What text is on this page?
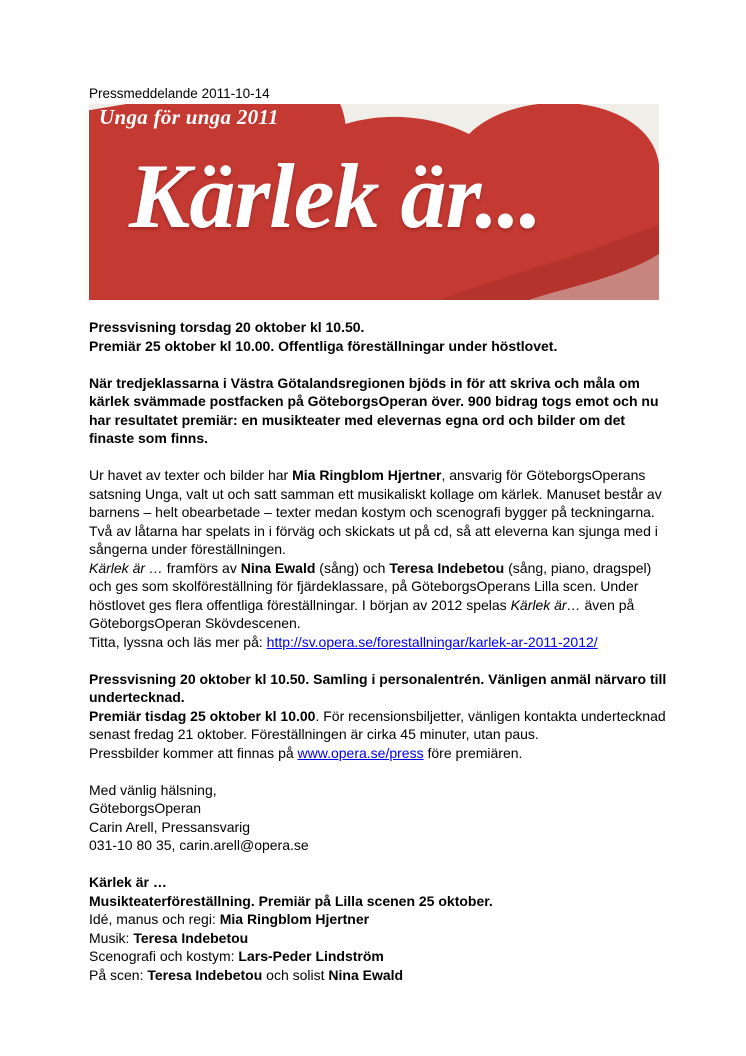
Pressmeddelande 2011-10-14
Unga för unga 2011
Kärlek är...

Pressvisning torsdag 20 oktober kl 10.50.

Premiär 25 oktober kl 10.00. Offentliga föreställningar under höstlovet.

När tredjeklassarna i Västra Götalandsregionen bjöds in för att skriva och måla om kärlek svämmade postfacken på GöteborgsOperan över. 900 bidrag togs emot och nu har resultatet premiär: en musikteater med elevernas egna ord och bilder om det finaste som finns.

Ur havet av texter och bilder har Mia Ringblom Hjertner, ansvarig för GöteborgsOperans satsning Unga, valt ut och satt samman ett musikaliskt kollage om kärlek. Manuset består av barnens – helt obearbetade – texter medan kostym och scenografi bygger på teckningarna. Två av låtarna har spelats in i förväg och skickats ut på cd, så att eleverna kan sjunga med i sångerna under föreställningen.

Kärlek är … framförs av Nina Ewald (sång) och Teresa Indebetou (sång, piano, dragspel) och ges som skolföreställning för fjärdeklassare, på GöteborgsOperans Lilla scen. Under höstlovet ges flera offentliga föreställningar. I början av 2012 spelas Kärlek är… även på GöteborgsOperan Skövdescenen.

Titta, lyssna och läs mer på: http://sv.opera.se/forestallningar/karlek-ar-2011-2012/

Pressvisning 20 oktober kl 10.50. Samling i personalentrén. Vänligen anmäl närvaro till undertecknad.

Premiär tisdag 25 oktober kl 10.00. För recensionsbiljetter, vänligen kontakta undertecknad senast fredag 21 oktober. Föreställningen är cirka 45 minuter, utan paus.

Pressbilder kommer att finnas på www.opera.se/press före premiären.

Med vänlig hälsning,

GöteborgsOperan

Carin Arell, Pressansvarig

031-10 80 35, carin.arell@opera.se

Kärlek är …

Musikteaterföreställning. Premiär på Lilla scenen 25 oktober.

Idé, manus och regi: Mia Ringblom Hjertner

Musik: Teresa Indebetou

Scenografi och kostym: Lars-Peder Lindström

På scen: Teresa Indebetou och solist Nina Ewald
